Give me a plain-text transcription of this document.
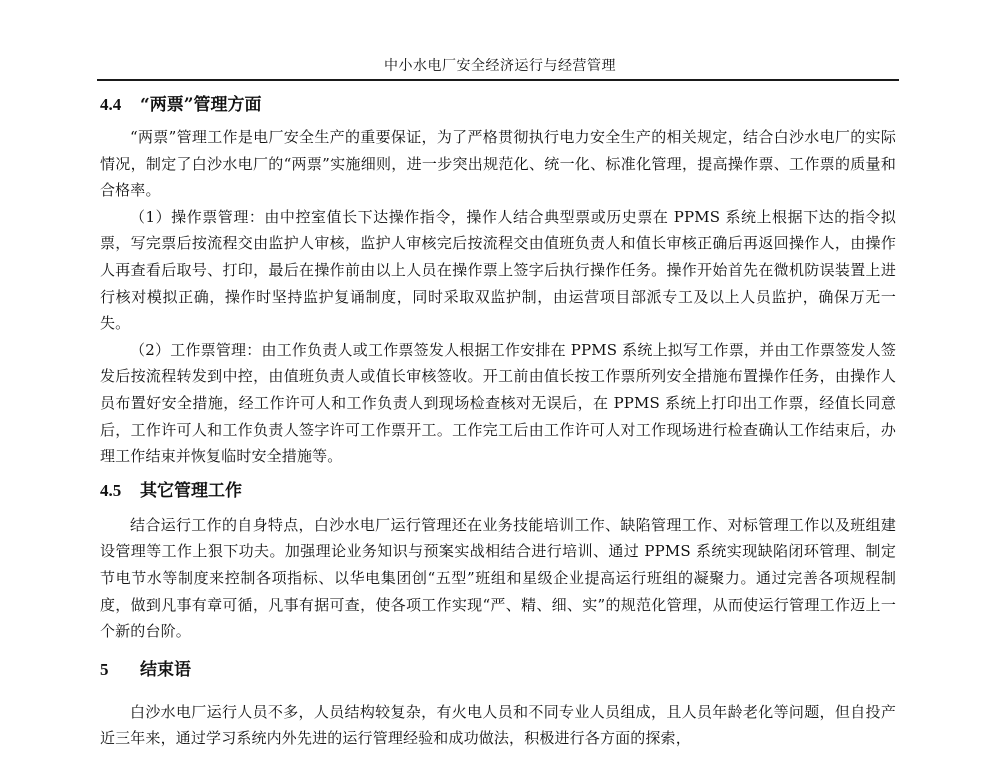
中小水电厂安全经济运行与经营管理
4.4 “两票”管理方面

“两票”管理工作是电厂安全生产的重要保证，为了严格贯彻执行电力安全生产的相关规定，结合白沙水电厂的实际情况，制定了白沙水电厂的“两票”实施细则，进一步突出规范化、统一化、标准化管理，提高操作票、工作票的质量和合格率。

（1）操作票管理：由中控室值长下达操作指令，操作人结合典型票或历史票在 PPMS 系统上根据下达的指令拟票，写完票后按流程交由监护人审核，监护人审核完后按流程交由值班负责人和值长审核正确后再返回操作人，由操作人再查看后取号、打印，最后在操作前由以上人员在操作票上签字后执行操作任务。操作开始首先在微机防误装置上进行核对模拟正确，操作时坚持监护复诵制度，同时采取双监护制，由运营项目部派专工及以上人员监护，确保万无一失。

（2）工作票管理：由工作负责人或工作票签发人根据工作安排在 PPMS 系统上拟写工作票，并由工作票签发人签发后按流程转发到中控，由值班负责人或值长审核签收。开工前由值长按工作票所列安全措施布置操作任务，由操作人员布置好安全措施，经工作许可人和工作负责人到现场检查核对无误后，在 PPMS 系统上打印出工作票，经值长同意后，工作许可人和工作负责人签字许可工作票开工。工作完工后由工作许可人对工作现场进行检查确认工作结束后，办理工作结束并恢复临时安全措施等。

4.5 其它管理工作

结合运行工作的自身特点，白沙水电厂运行管理还在业务技能培训工作、缺陷管理工作、对标管理工作以及班组建设管理等工作上狠下功夫。加强理论业务知识与预案实战相结合进行培训、通过 PPMS 系统实现缺陷闭环管理、制定节电节水等制度来控制各项指标、以华电集团创“五型”班组和星级企业提高运行班组的凝聚力。通过完善各项规程制度，做到凡事有章可循，凡事有据可查，使各项工作实现“严、精、细、实”的规范化管理，从而使运行管理工作迈上一个新的台阶。

5 结束语

白沙水电厂运行人员不多，人员结构较复杂，有火电人员和不同专业人员组成，且人员年龄老化等问题，但自投产近三年来，通过学习系统内外先进的运行管理经验和成功做法，积极进行各方面的探索，
